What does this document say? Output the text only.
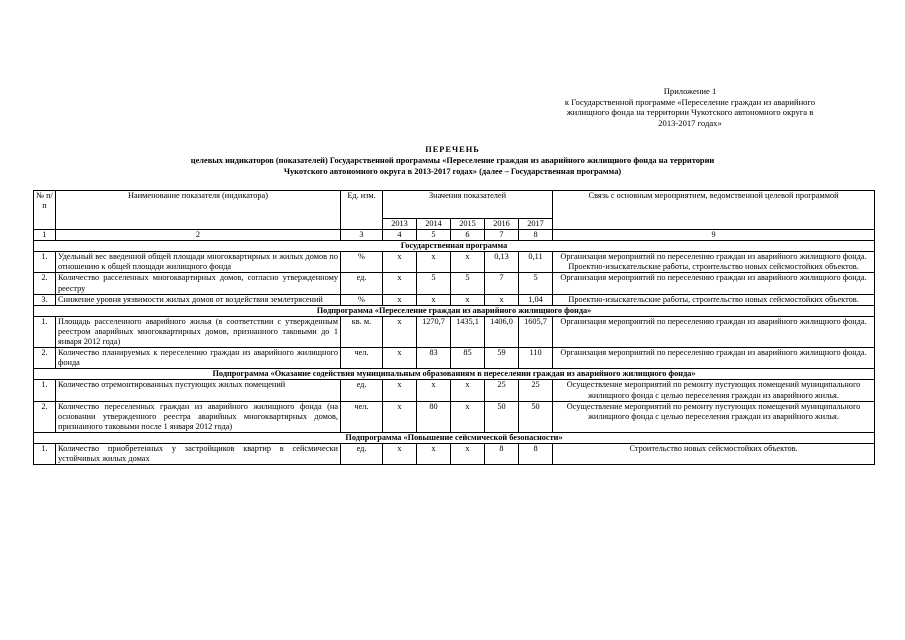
Приложение 1
к Государственной программе «Переселение граждан из аварийного
жилищного фонда на территории Чукотского автономного округа в
2013-2017 годах»
ПЕРЕЧЕНЬ
целевых индикаторов (показателей) Государственной программы «Переселение граждан из аварийного жилищного фонда на территории
Чукотского автономного округа в 2013-2017 годах» (далее – Государственная программа)
№ п/п	Наименование показателя (индикатора)	Ед. изм.	Значения показателей					Связь с основным мероприятием, ведомственной целевой программой
			2013	2014	2015	2016	2017	
1	2	3	4	5	6	7	8	9
Государственная программа								
1.	Удельный вес введенной общей площади многоквартирных и жилых домов по отношению к общей площади жилищного фонда	%	x	x	x	0,13	0,11	Организация мероприятий по переселению граждан из аварийного жилищного фонда. Проектно-изыскательские работы, строительство новых сейсмостойких объектов.
2.	Количество расселенных многоквартирных домов, согласно утвержденному реестру	ед.	x	5	5	7	5	Организация мероприятий по переселению граждан из аварийного жилищного фонда.
3.	Снижение уровня уязвимости жилых домов от воздействия землетрясений	%	x	x	x	x	1,04	Проектно-изыскательские работы, строительство новых сейсмостойких объектов.
Подпрограмма «Переселение граждан из аварийного жилищного фонда»								
1.	Площадь расселенного аварийного жилья (в соответствии с утвержденным реестром аварийных многоквартирных домов, признанного таковыми до 1 января 2012 года)	кв. м.	x	1270,7	1435,1	1406,0	1605,7	Организация мероприятий по переселению граждан из аварийного жилищного фонда.
2.	Количество планируемых к переселению граждан из аварийного жилищного фонда	чел.	x	83	85	59	110	Организация мероприятий по переселению граждан из аварийного жилищного фонда.
Подпрограмма «Оказание содействия муниципальным образованиям в переселении граждан из аварийного жилищного фонда»								
1.	Количество отремонтированных пустующих жилых помещений	ед.	x	x	x	25	25	Осуществление мероприятий по ремонту пустующих помещений муниципального жилищного фонда с целью переселения граждан из аварийного жилья.
2.	Количество переселенных граждан из аварийного жилищного фонда (на основании утвержденного реестра аварийных многоквартирных домов, признанного таковыми после 1 января 2012 года)	чел.	x	80	x	50	50	Осуществление мероприятий по ремонту пустующих помещений муниципального жилищного фонда с целью переселения граждан из аварийного жилья.
Подпрограмма «Повышение сейсмической безопасности»								
1.	Количество приобретенных у застройщиков квартир в сейсмически устойчивых жилых домах	ед.	x	x	x	8	8	Строительство новых сейсмостойких объектов.
